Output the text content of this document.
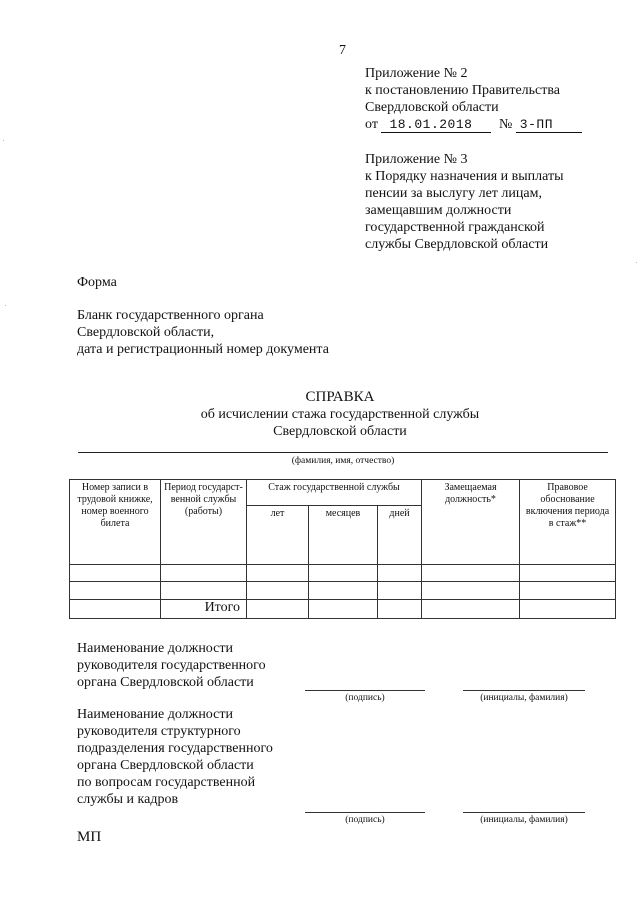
7
Приложение № 2
к постановлению Правительства
Свердловской области
от 18.01.2018 № 3-ПП
Приложение № 3
к Порядку назначения и выплаты
пенсии за выслугу лет лицам,
замещавшим должности
государственной гражданской
службы Свердловской области
Форма
Бланк государственного органа
Свердловской области,
дата и регистрационный номер документа
СПРАВКА
об исчислении стажа государственной службы
Свердловской области
(фамилия, имя, отчество)
Номер записи в трудовой книжке, номер военного билета	Период государст-венной службы (работы)	Стаж государственной службы			Замещаемая должность*	Правовое обоснование включения периода в стаж**
		лет	месяцев	дней		

	Итого					
Наименование должности
руководителя государственного
органа Свердловской области
(подпись)	(инициалы, фамилия)
Наименование должности
руководителя структурного
подразделения государственного
органа Свердловской области
по вопросам государственной
службы и кадров
(подпись)	(инициалы, фамилия)
МП
